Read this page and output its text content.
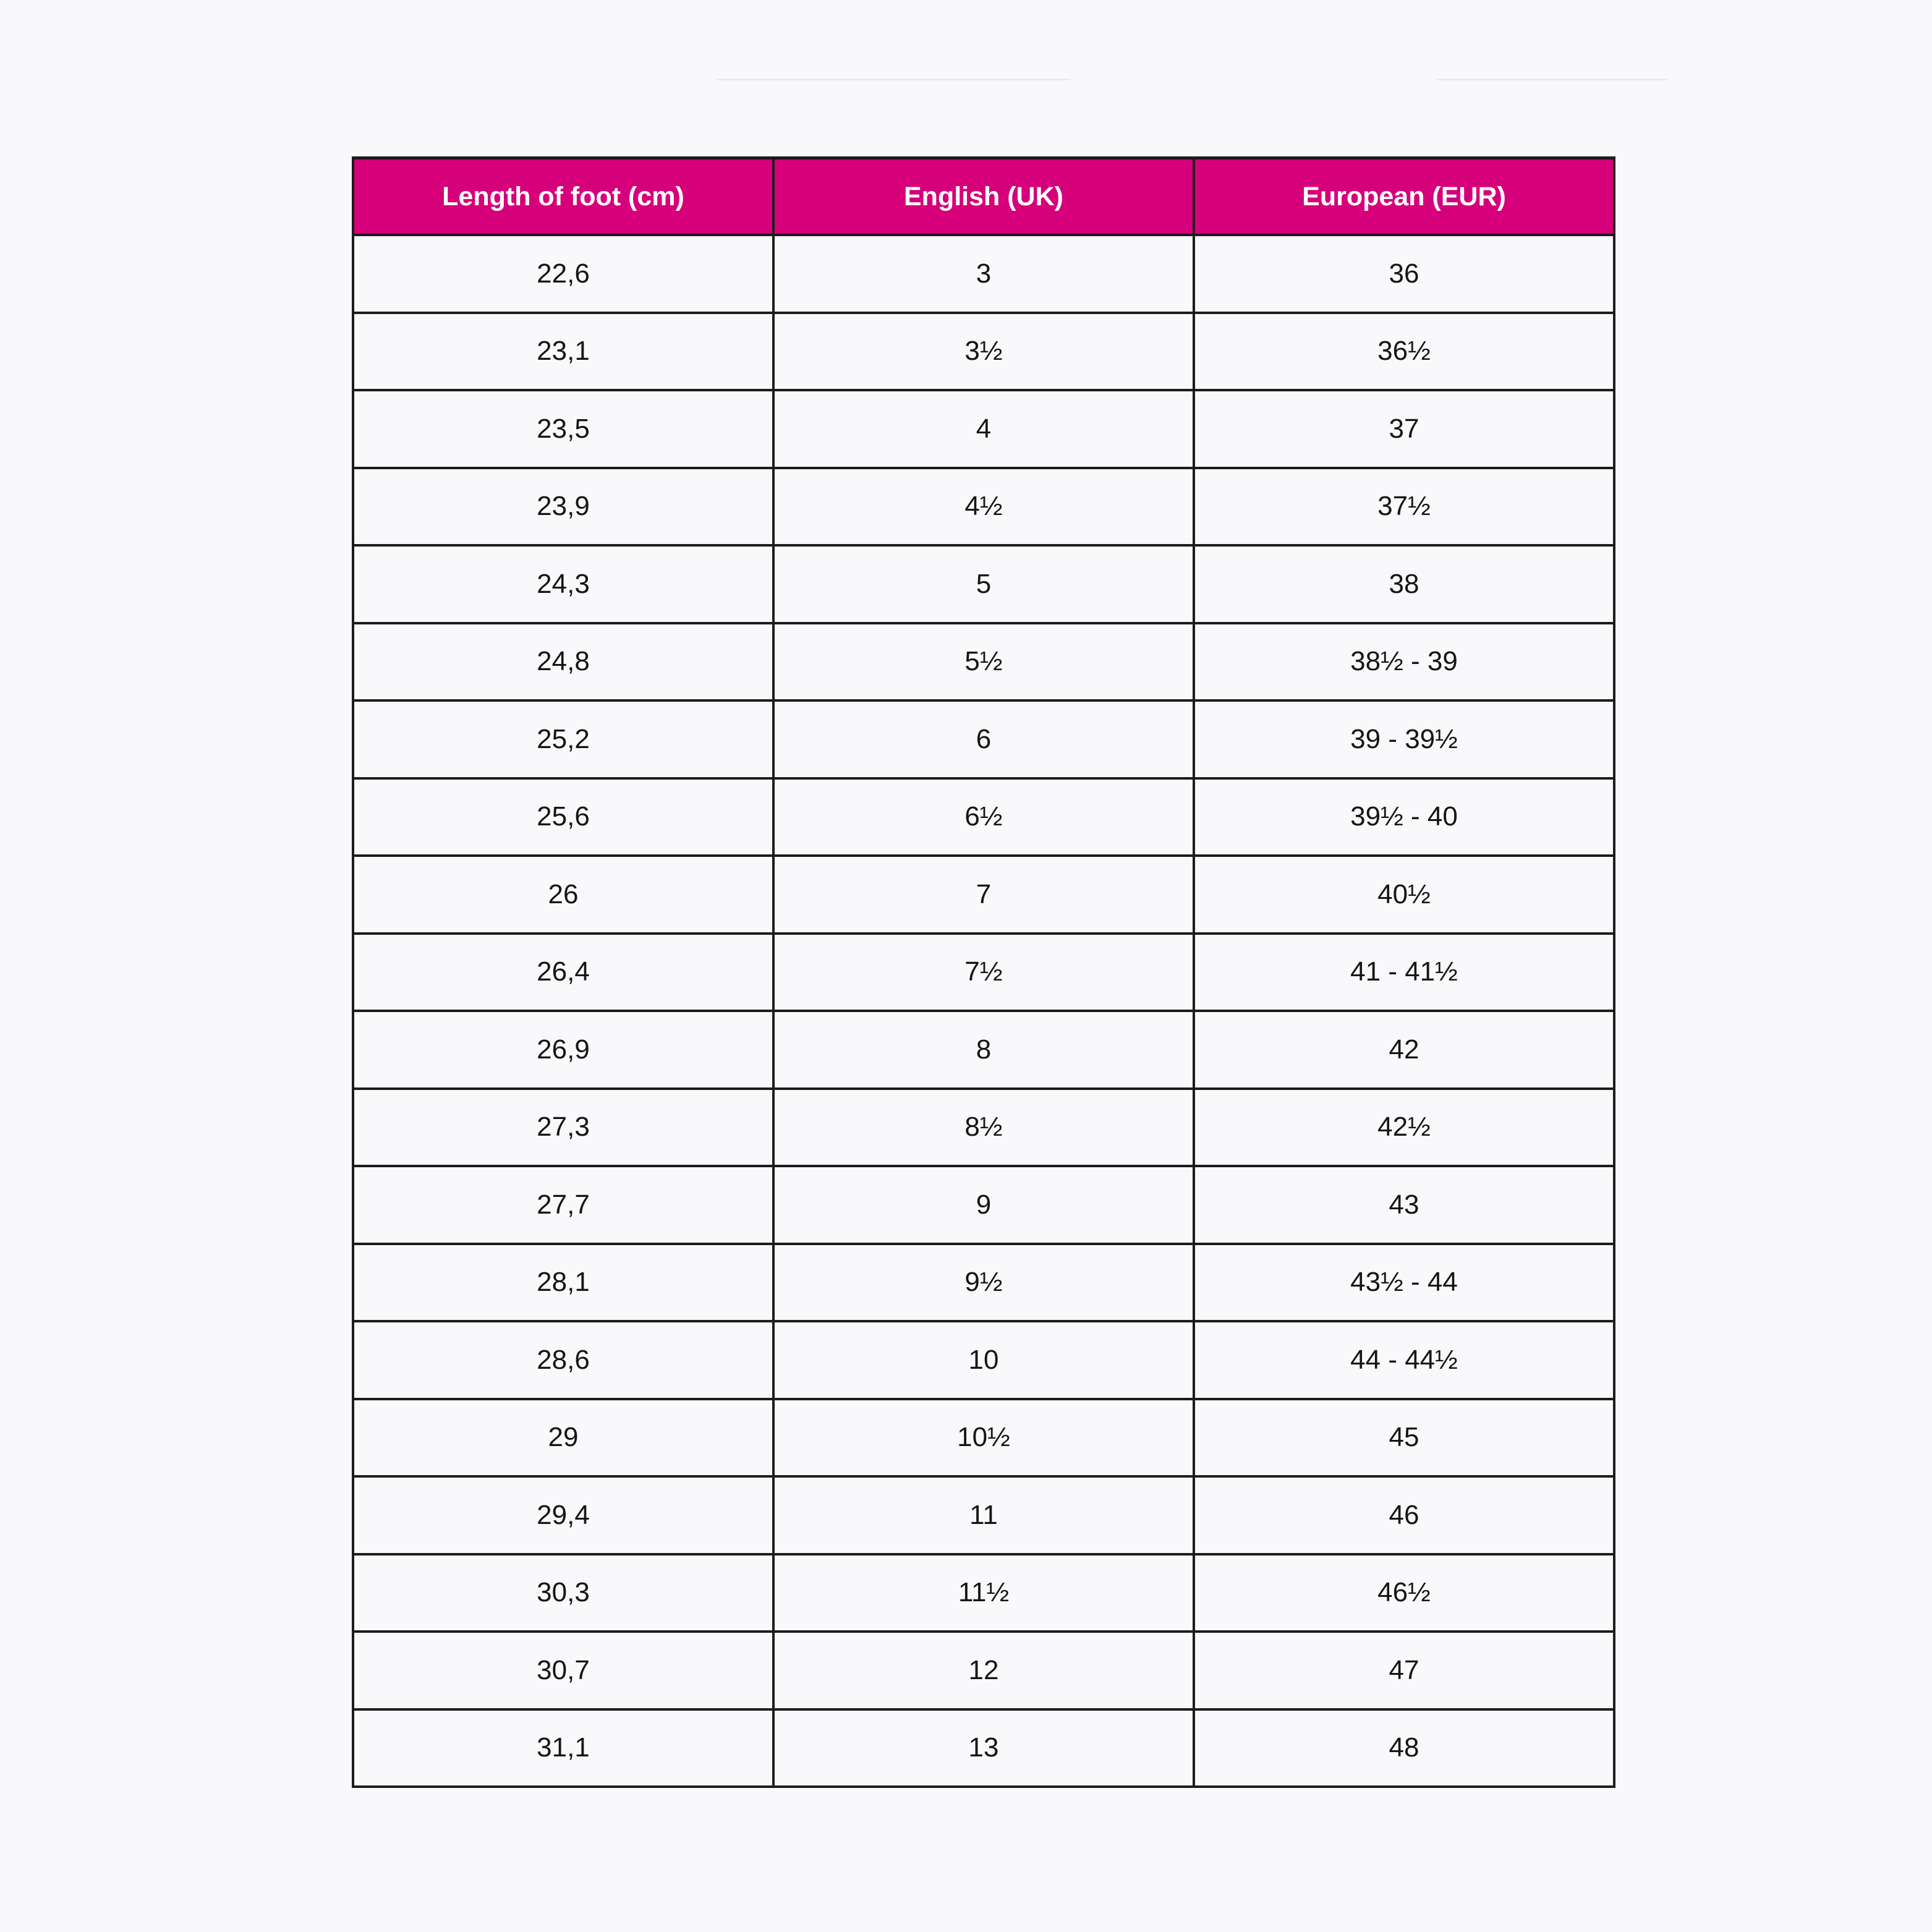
Length of foot (cm)	English (UK)	European (EUR)
22,6	3	36
23,1	3½	36½
23,5	4	37
23,9	4½	37½
24,3	5	38
24,8	5½	38½ - 39
25,2	6	39 - 39½
25,6	6½	39½ - 40
26	7	40½
26,4	7½	41 - 41½
26,9	8	42
27,3	8½	42½
27,7	9	43
28,1	9½	43½ - 44
28,6	10	44 - 44½
29	10½	45
29,4	11	46
30,3	11½	46½
30,7	12	47
31,1	13	48
